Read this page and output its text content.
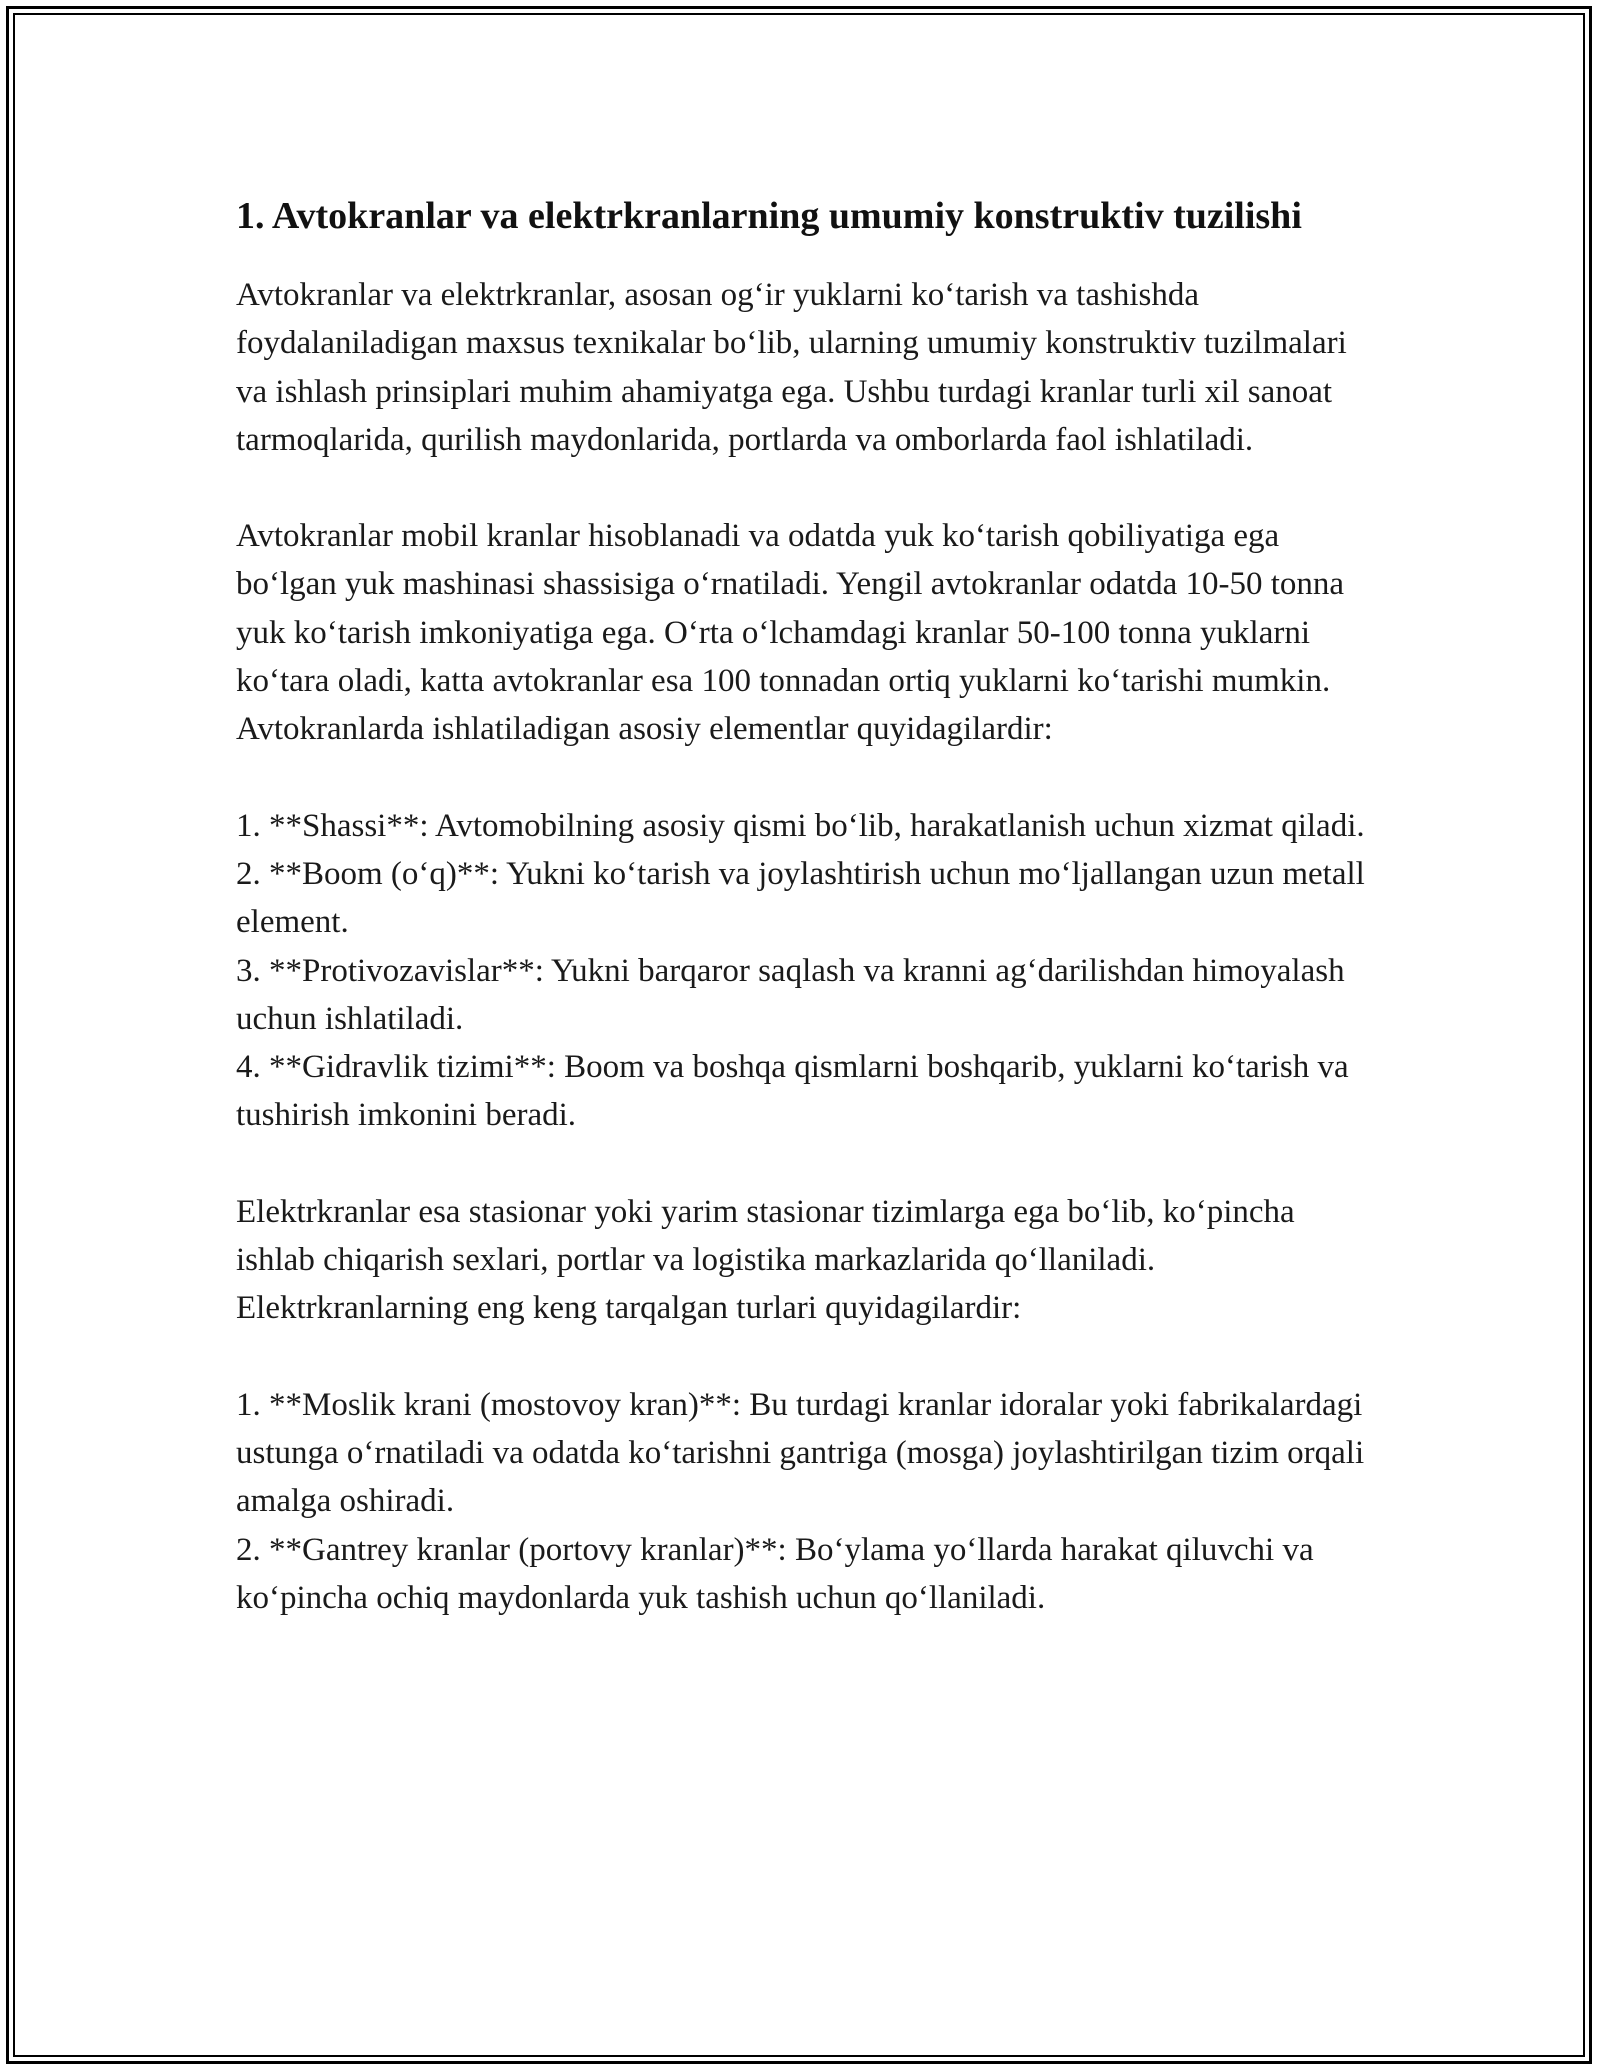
1. Avtokranlar va elektrkranlarning umumiy konstruktiv tuzilishi

Avtokranlar va elektrkranlar, asosan og‘ir yuklarni ko‘tarish va tashishda foydalaniladigan maxsus texnikalar bo‘lib, ularning umumiy konstruktiv tuzilmalari va ishlash prinsiplari muhim ahamiyatga ega. Ushbu turdagi kranlar turli xil sanoat tarmoqlarida, qurilish maydonlarida, portlarda va omborlarda faol ishlatiladi.

Avtokranlar mobil kranlar hisoblanadi va odatda yuk ko‘tarish qobiliyatiga ega bo‘lgan yuk mashinasi shassisiga o‘rnatiladi. Yengil avtokranlar odatda 10-50 tonna yuk ko‘tarish imkoniyatiga ega. O‘rta o‘lchamdagi kranlar 50-100 tonna yuklarni ko‘tara oladi, katta avtokranlar esa 100 tonnadan ortiq yuklarni ko‘tarishi mumkin. Avtokranlarda ishlatiladigan asosiy elementlar quyidagilardir:

1. **Shassi**: Avtomobilning asosiy qismi bo‘lib, harakatlanish uchun xizmat qiladi.
2. **Boom (o‘q)**: Yukni ko‘tarish va joylashtirish uchun mo‘ljallangan uzun metall element.
3. **Protivozavislar**: Yukni barqaror saqlash va kranni ag‘darilishdan himoyalash uchun ishlatiladi.
4. **Gidravlik tizimi**: Boom va boshqa qismlarni boshqarib, yuklarni ko‘tarish va tushirish imkonini beradi.

Elektrkranlar esa stasionar yoki yarim stasionar tizimlarga ega bo‘lib, ko‘pincha ishlab chiqarish sexlari, portlar va logistika markazlarida qo‘llaniladi. Elektrkranlarning eng keng tarqalgan turlari quyidagilardir:

1. **Moslik krani (mostovoy kran)**: Bu turdagi kranlar idoralar yoki fabrikalardagi ustunga o‘rnatiladi va odatda ko‘tarishni gantriga (mosga) joylashtirilgan tizim orqali amalga oshiradi.
2. **Gantrey kranlar (portovy kranlar)**: Bo‘ylama yo‘llarda harakat qiluvchi va ko‘pincha ochiq maydonlarda yuk tashish uchun qo‘llaniladi.
